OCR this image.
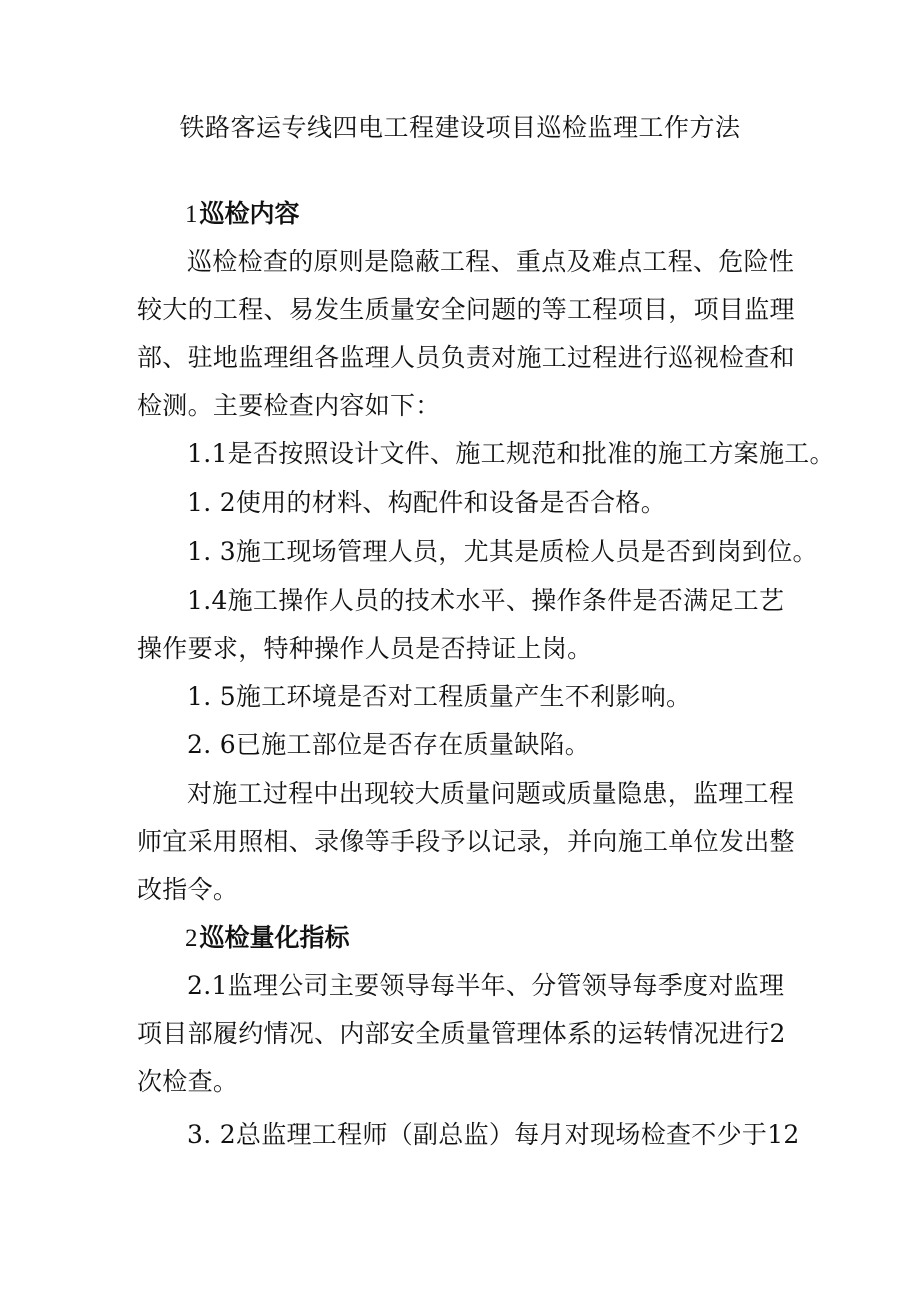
铁路客运专线四电工程建设项目巡检监理工作方法
1巡检内容
巡检检查的原则是隐蔽工程、重点及难点工程、危险性较大的工程、易发生质量安全问题的等工程项目，项目监理部、驻地监理组各监理人员负责对施工过程进行巡视检查和检测。主要检查内容如下：
1.1是否按照设计文件、施工规范和批准的施工方案施工。
1. 2使用的材料、构配件和设备是否合格。
1. 3施工现场管理人员，尤其是质检人员是否到岗到位。
1.4施工操作人员的技术水平、操作条件是否满足工艺操作要求，特种操作人员是否持证上岗。
1. 5施工环境是否对工程质量产生不利影响。
2. 6已施工部位是否存在质量缺陷。
对施工过程中出现较大质量问题或质量隐患，监理工程师宜采用照相、录像等手段予以记录，并向施工单位发出整改指令。
2巡检量化指标
2.1监理公司主要领导每半年、分管领导每季度对监理项目部履约情况、内部安全质量管理体系的运转情况进行2次检查。
3. 2总监理工程师（副总监）每月对现场检查不少于12
